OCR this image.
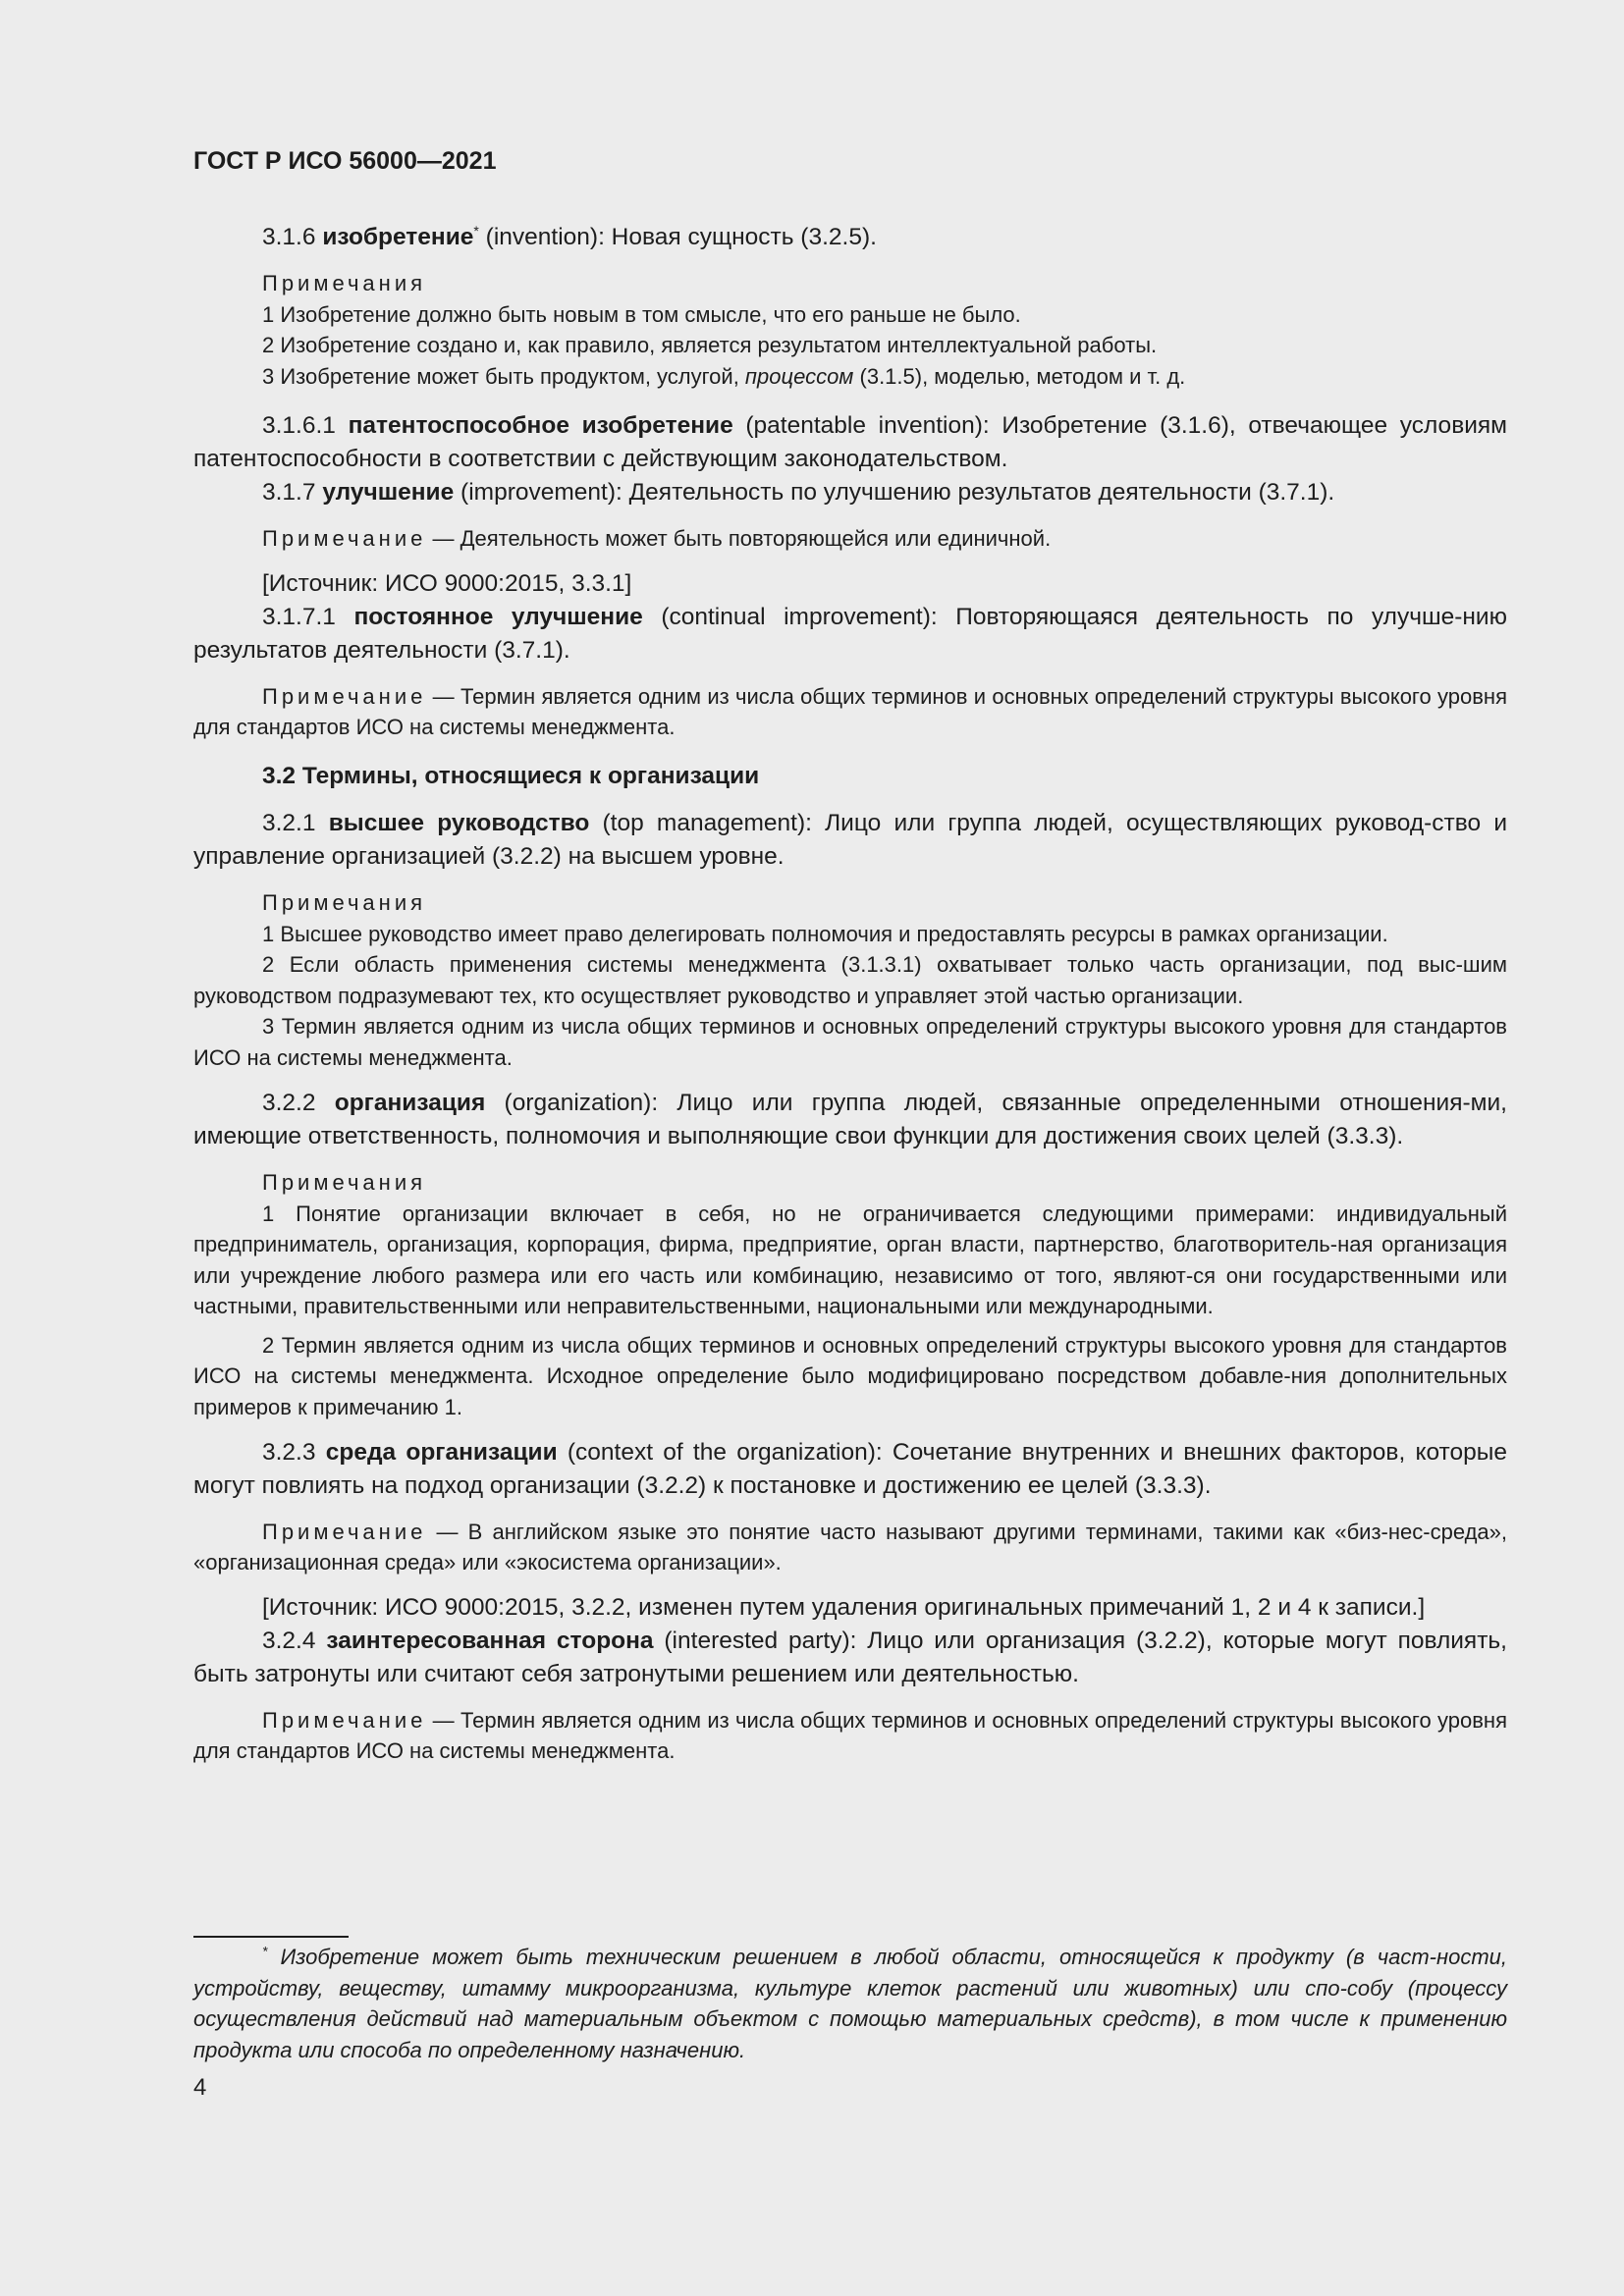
ГОСТ Р ИСО 56000—2021

3.1.6 изобретение* (invention): Новая сущность (3.2.5).

Примечания

1 Изобретение должно быть новым в том смысле, что его раньше не было.

2 Изобретение создано и, как правило, является результатом интеллектуальной работы.

3 Изобретение может быть продуктом, услугой, процессом (3.1.5), моделью, методом и т. д.

3.1.6.1 патентоспособное изобретение (patentable invention): Изобретение (3.1.6), отвечающее условиям патентоспособности в соответствии с действующим законодательством.

3.1.7 улучшение (improvement): Деятельность по улучшению результатов деятельности (3.7.1).

Примечание — Деятельность может быть повторяющейся или единичной.

[Источник: ИСО 9000:2015, 3.3.1]

3.1.7.1 постоянное улучшение (continual improvement): Повторяющаяся деятельность по улучше-нию результатов деятельности (3.7.1).

Примечание — Термин является одним из числа общих терминов и основных определений структуры высокого уровня для стандартов ИСО на системы менеджмента.

3.2 Термины, относящиеся к организации

3.2.1 высшее руководство (top management): Лицо или группа людей, осуществляющих руковод-ство и управление организацией (3.2.2) на высшем уровне.

Примечания

1 Высшее руководство имеет право делегировать полномочия и предоставлять ресурсы в рамках организации.

2 Если область применения системы менеджмента (3.1.3.1) охватывает только часть организации, под выс-шим руководством подразумевают тех, кто осуществляет руководство и управляет этой частью организации.

3 Термин является одним из числа общих терминов и основных определений структуры высокого уровня для стандартов ИСО на системы менеджмента.

3.2.2 организация (organization): Лицо или группа людей, связанные определенными отношения-ми, имеющие ответственность, полномочия и выполняющие свои функции для достижения своих целей (3.3.3).

Примечания

1 Понятие организации включает в себя, но не ограничивается следующими примерами: индивидуальный предприниматель, организация, корпорация, фирма, предприятие, орган власти, партнерство, благотворитель-ная организация или учреждение любого размера или его часть или комбинацию, независимо от того, являют-ся они государственными или частными, правительственными или неправительственными, национальными или международными.

2 Термин является одним из числа общих терминов и основных определений структуры высокого уровня для стандартов ИСО на системы менеджмента. Исходное определение было модифицировано посредством добавле-ния дополнительных примеров к примечанию 1.

3.2.3 среда организации (context of the organization): Сочетание внутренних и внешних факторов, которые могут повлиять на подход организации (3.2.2) к постановке и достижению ее целей (3.3.3).

Примечание — В английском языке это понятие часто называют другими терминами, такими как «биз-нес-среда», «организационная среда» или «экосистема организации».

[Источник: ИСО 9000:2015, 3.2.2, изменен путем удаления оригинальных примечаний 1, 2 и 4 к записи.]

3.2.4 заинтересованная сторона (interested party): Лицо или организация (3.2.2), которые могут повлиять, быть затронуты или считают себя затронутыми решением или деятельностью.

Примечание — Термин является одним из числа общих терминов и основных определений структуры высокого уровня для стандартов ИСО на системы менеджмента.

* Изобретение может быть техническим решением в любой области, относящейся к продукту (в част-ности, устройству, веществу, штамму микроорганизма, культуре клеток растений или животных) или спо-собу (процессу осуществления действий над материальным объектом с помощью материальных средств), в том числе к применению продукта или способа по определенному назначению.
4
